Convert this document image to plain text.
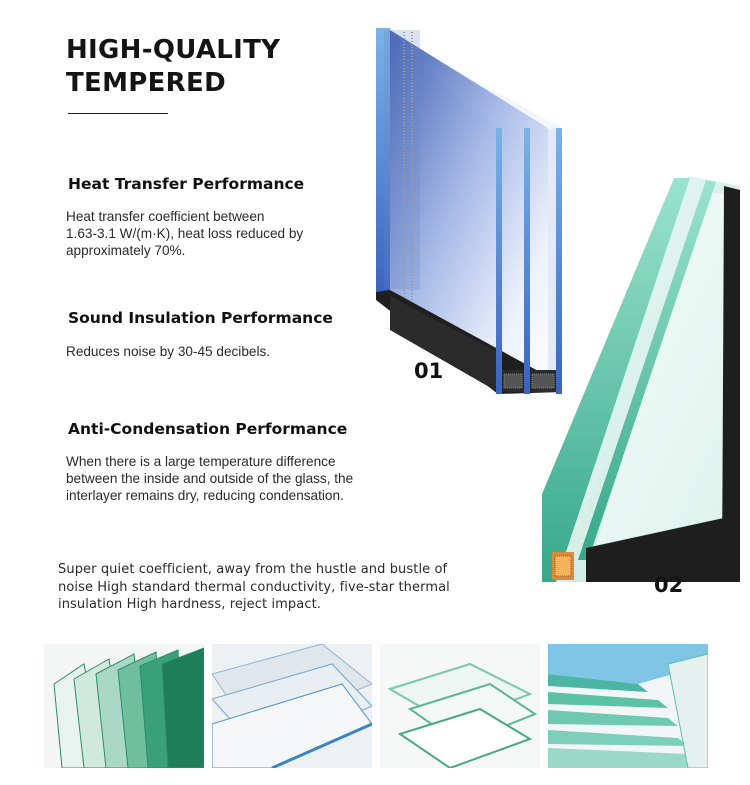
HIGH-QUALITY
TEMPERED
Heat Transfer Performance

Heat transfer coefficient between
1.63-3.1 W/(m·K), heat loss reduced by
approximately 70%.

Sound Insulation Performance

Reduces noise by 30-45 decibels.

Anti-Condensation Performance

When there is a large temperature difference
between the inside and outside of the glass, the
interlayer remains dry, reducing condensation.

Super quiet coefficient, away from the hustle and bustle of
noise High standard thermal conductivity, five-star thermal
insulation High hardness, reject impact.

01
02
